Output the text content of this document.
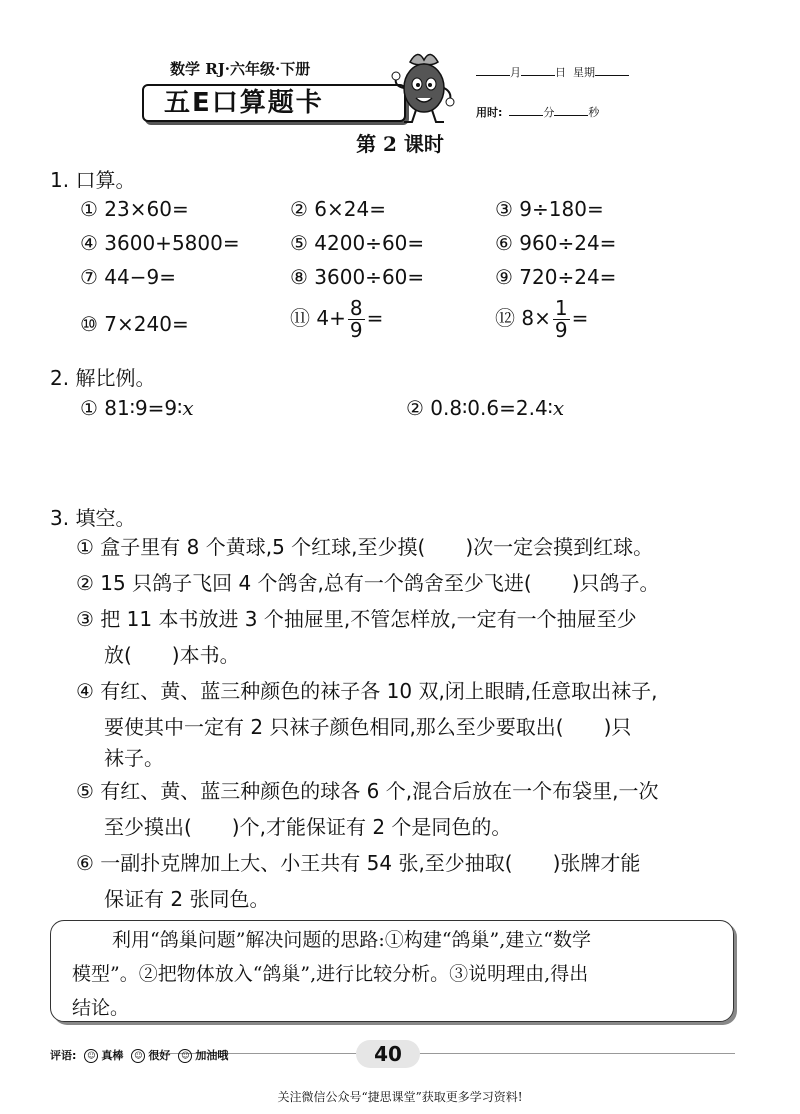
数学 RJ·六年级·下册
五E口算题卡
月	日 星期
用时:	分	秒
第 2 课时
1. 口算。
① 23×60=	② 6×24=	③ 9÷180=
④ 3600+5800=	⑤ 4200÷60=	⑥ 960÷24=
⑦ 44−9=	⑧ 3600÷60=	⑨ 720÷24=
⑩ 7×240=	⑪ $4+ \frac{8}{9}$ =	⑫ $8\times \frac{1}{9}$ =
2. 解比例。
① 81∶9=9∶x	② 0.8∶0.6=2.4∶x
3. 填空。
① 盒子里有 8 个黄球,5 个红球,至少摸(　　)次一定会摸到红球。
② 15 只鸽子飞回 4 个鸽舍,总有一个鸽舍至少飞进(　　)只鸽子。
③ 把 11 本书放进 3 个抽屉里,不管怎样放,一定有一个抽屉至少
放(　　)本书。
④ 有红、黄、蓝三种颜色的袜子各 10 双,闭上眼睛,任意取出袜子,
要使其中一定有 2 只袜子颜色相同,那么至少要取出(　　)只
袜子。
⑤ 有红、黄、蓝三种颜色的球各 6 个,混合后放在一个布袋里,一次
至少摸出(　　)个,才能保证有 2 个是同色的。
⑥ 一副扑克牌加上大、小王共有 54 张,至少抽取(　　)张牌才能
保证有 2 张同色。
利用“鸽巢问题”解决问题的思路:①构建“鸽巢”,建立“数学
模型”。②把物体放入“鸽巢”,进行比较分析。③说明理由,得出
结论。
评语: ☺ 真棒 ☺ 很好 ☺ 加油哦	40
关注微信公众号“捷思课堂”获取更多学习资料!
